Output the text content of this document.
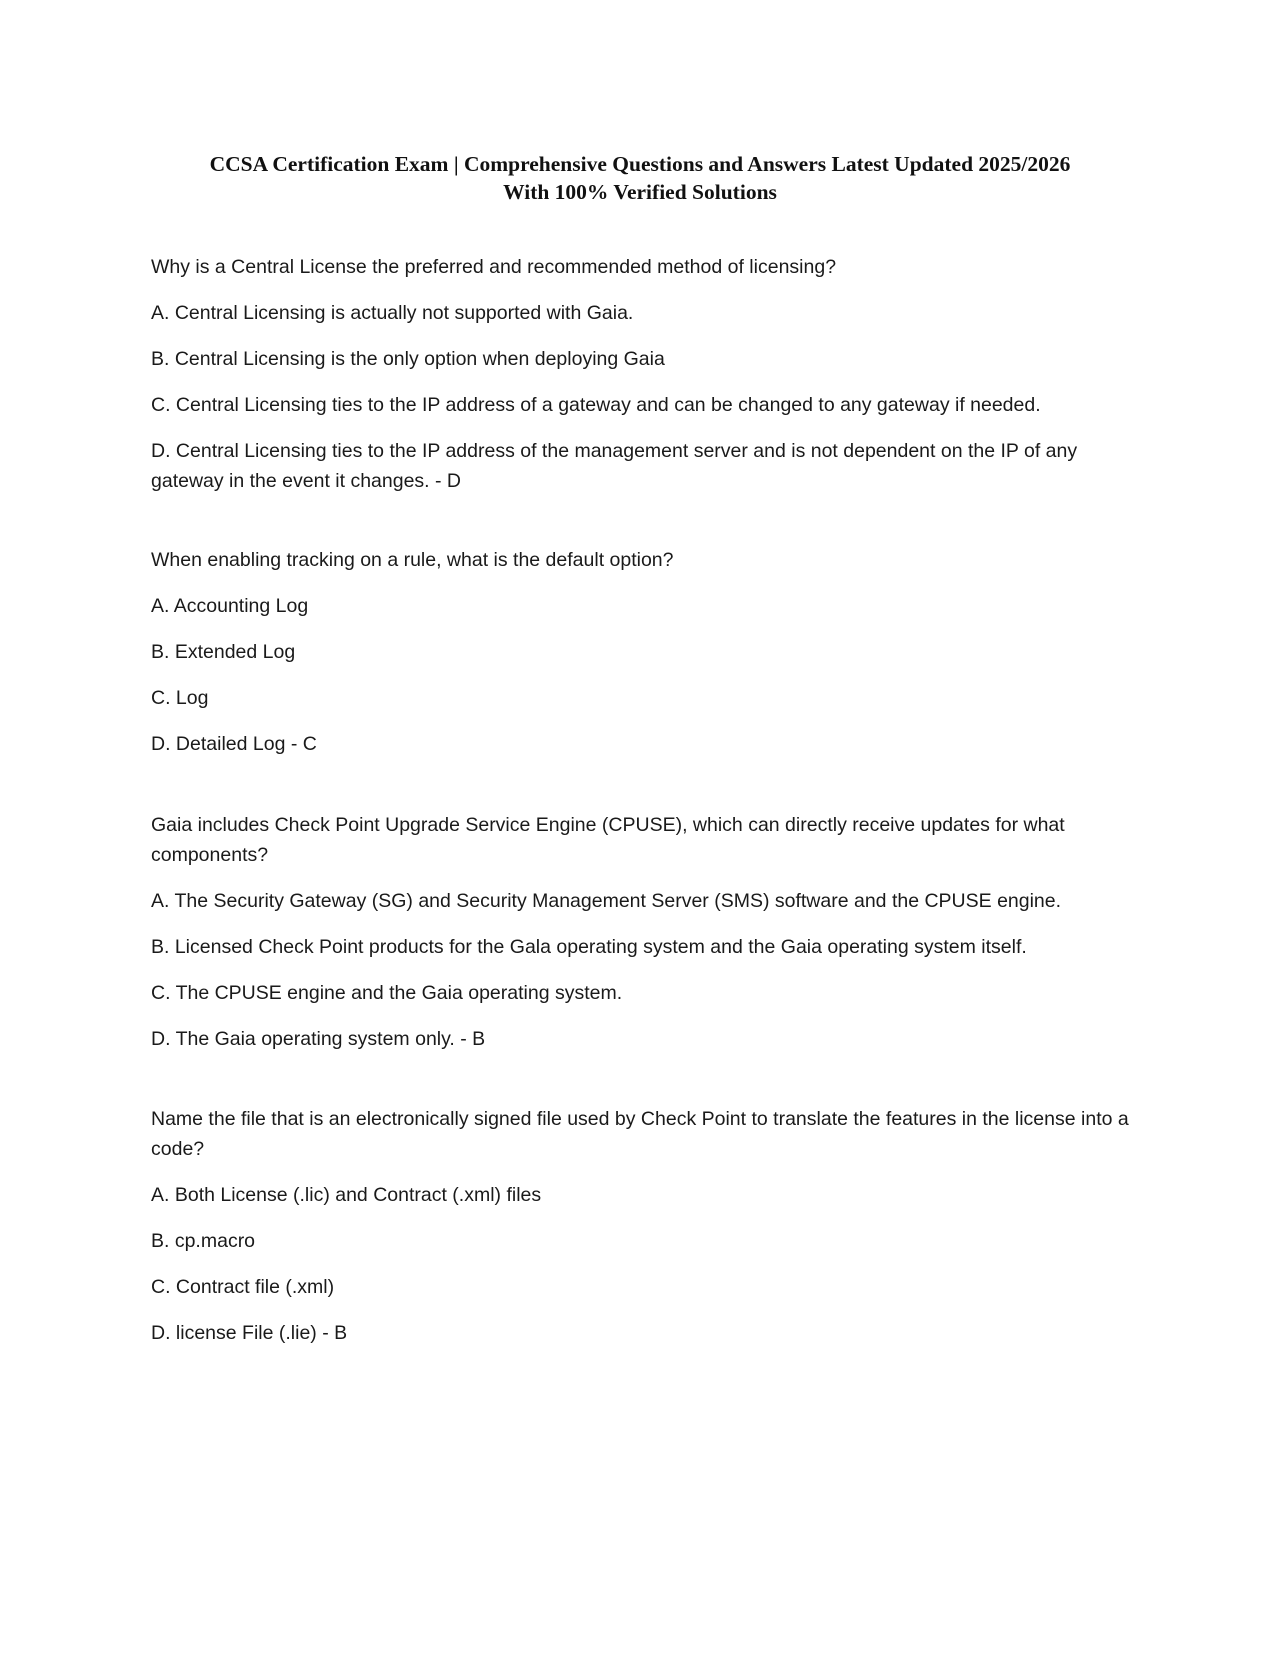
CCSA Certification Exam | Comprehensive Questions and Answers Latest Updated 2025/2026
With 100% Verified Solutions
Why is a Central License the preferred and recommended method of licensing?
A. Central Licensing is actually not supported with Gaia.
B. Central Licensing is the only option when deploying Gaia
C. Central Licensing ties to the IP address of a gateway and can be changed to any gateway if needed.
D. Central Licensing ties to the IP address of the management server and is not dependent on the IP of any gateway in the event it changes. - D
When enabling tracking on a rule, what is the default option?
A. Accounting Log
B. Extended Log
C. Log
D. Detailed Log - C
Gaia includes Check Point Upgrade Service Engine (CPUSE), which can directly receive updates for what components?
A. The Security Gateway (SG) and Security Management Server (SMS) software and the CPUSE engine.
B. Licensed Check Point products for the Gala operating system and the Gaia operating system itself.
C. The CPUSE engine and the Gaia operating system.
D. The Gaia operating system only. - B
Name the file that is an electronically signed file used by Check Point to translate the features in the license into a code?
A. Both License (.lic) and Contract (.xml) files
B. cp.macro
C. Contract file (.xml)
D. license File (.lie) - B
